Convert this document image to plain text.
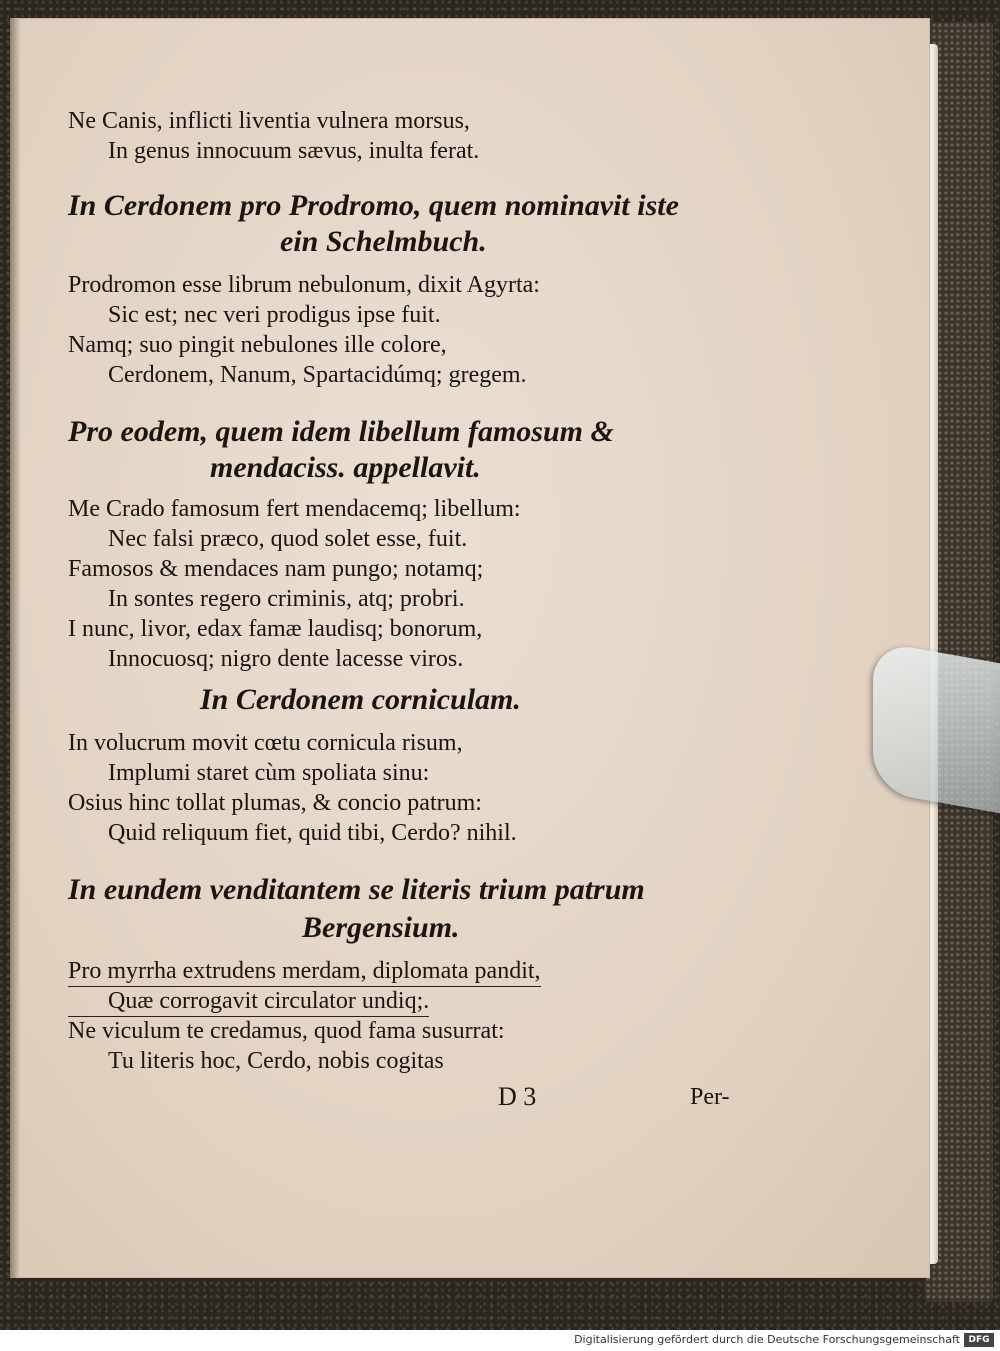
Ne Canis, inflicti liventia vulnera morsus,
In genus innocuum sævus, inulta ferat.
In Cerdonem pro Prodromo, quem nominavit iste
ein Schelmbuch.
Prodromon esse librum nebulonum, dixit Agyrta:
Sic est; nec veri prodigus ipse fuit.
Namq; suo pingit nebulones ille colore,
Cerdonem, Nanum, Spartacidúmq; gregem.
Pro eodem, quem idem libellum famosum &
mendaciss. appellavit.
Me Crado famosum fert mendacemq; libellum:
Nec falsi præco, quod solet esse, fuit.
Famosos & mendaces nam pungo; notamq;
In sontes regero criminis, atq; probri.
I nunc, livor, edax famæ laudisq; bonorum,
Innocuosq; nigro dente lacesse viros.
In Cerdonem corniculam.
In volucrum movit cœtu cornicula risum,
Implumi staret cùm spoliata sinu:
Osius hinc tollat plumas, & concio patrum:
Quid reliquum fiet, quid tibi, Cerdo? nihil.
In eundem venditantem se literis trium patrum
Bergensium.
Pro myrrha extrudens merdam, diplomata pandit,
Quæ corrogavit circulator undiq;.
Ne viculum te credamus, quod fama susurrat:
Tu literis hoc, Cerdo, nobis cogitas
D 3	Per-
Digitalisierung gefördert durch die Deutsche Forschungsgemeinschaft DFG
